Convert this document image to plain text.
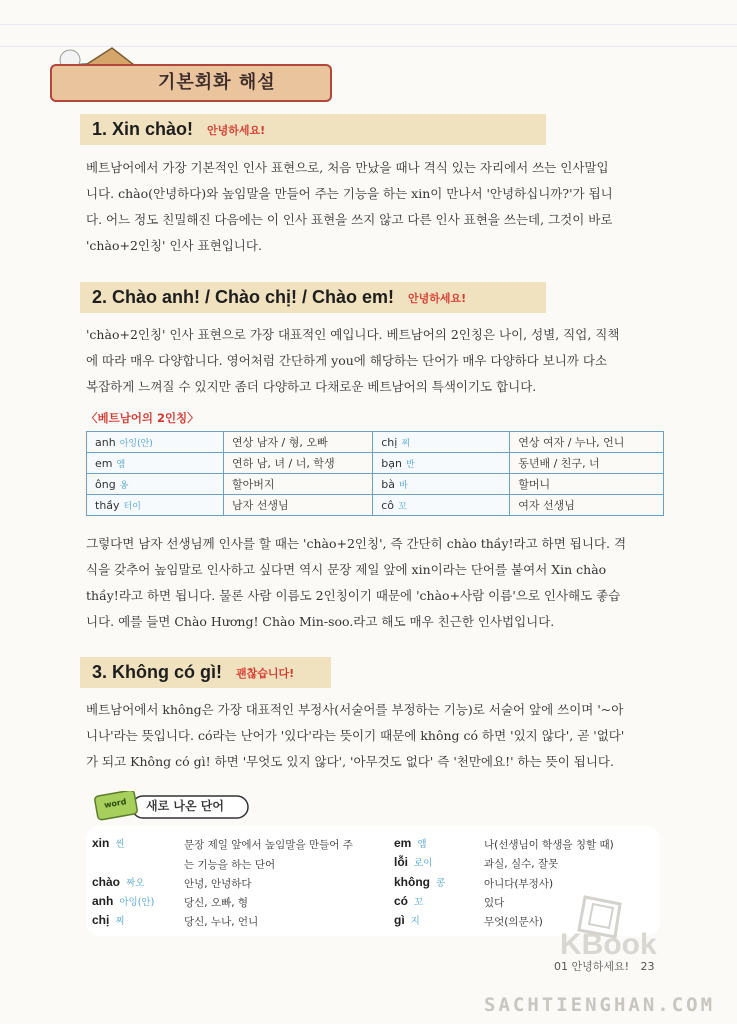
기본회화 해설
1. Xin chào! 안녕하세요!
베트남어에서 가장 기본적인 인사 표현으로, 처음 만났을 때나 격식 있는 자리에서 쓰는 인사말입
니다. chào(안녕하다)와 높임말을 만들어 주는 기능을 하는 xin이 만나서 '안녕하십니까?'가 됩니
다. 어느 정도 친밀해진 다음에는 이 인사 표현을 쓰지 않고 다른 인사 표현을 쓰는데, 그것이 바로
'chào+2인칭' 인사 표현입니다.
2. Chào anh! / Chào chị! / Chào em! 안녕하세요!
'chào+2인칭' 인사 표현으로 가장 대표적인 예입니다. 베트남어의 2인칭은 나이, 성별, 직업, 직책
에 따라 매우 다양합니다. 영어처럼 간단하게 you에 해당하는 단어가 매우 다양하다 보니까 다소
복잡하게 느껴질 수 있지만 좀더 다양하고 다채로운 베트남어의 특색이기도 합니다.
〈베트남어의 2인칭〉
anh 아잉(안)	연상 남자 / 형, 오빠	chị 찌	연상 여자 / 누나, 언니
em 앰	연하 남, 녀 / 너, 학생	bạn 반	동년배 / 친구, 너
ông 옹	할아버지	bà 바	할머니
thầy 터이	남자 선생님	cô 꼬	여자 선생님
그렇다면 남자 선생님께 인사를 할 때는 'chào+2인칭', 즉 간단히 chào thầy!라고 하면 됩니다. 격
식을 갖추어 높임말로 인사하고 싶다면 역시 문장 제일 앞에 xin이라는 단어를 붙여서 Xin chào
thầy!라고 하면 됩니다. 물론 사람 이름도 2인칭이기 때문에 'chào+사람 이름'으로 인사해도 좋습
니다. 예를 들면 Chào Hương! Chào Min-soo.라고 해도 매우 친근한 인사법입니다.
3. Không có gì! 괜찮습니다!
베트남어에서 không은 가장 대표적인 부정사(서술어를 부정하는 기능)로 서술어 앞에 쓰이며 '~아
니나'라는 뜻입니다. có라는 난어가 '있다'라는 뜻이기 때문에 không có 하면 '있지 않다', 곧 '없다'
가 되고 Không có gì! 하면 '무엇도 있지 않다', '아무것도 없다' 즉 '천만에요!' 하는 뜻이 됩니다.
word 새로 나온 단어
xin 씬	문장 제일 앞에서 높임말을 만들어 주
는 기능을 하는 단어
chào 짜오	안녕, 안녕하다
anh 아잉(안)	당신, 오빠, 형
chị 찌	당신, 누나, 언니
em 앰	나(선생님이 학생을 칭할 때)
lỗi 로이	과실, 실수, 잘못
không 콩	아니다(부정사)
có 꼬	있다
gì 지	무엇(의문사)
KBook
01 안녕하세요! 23
SACHTIENGHAN.COM
